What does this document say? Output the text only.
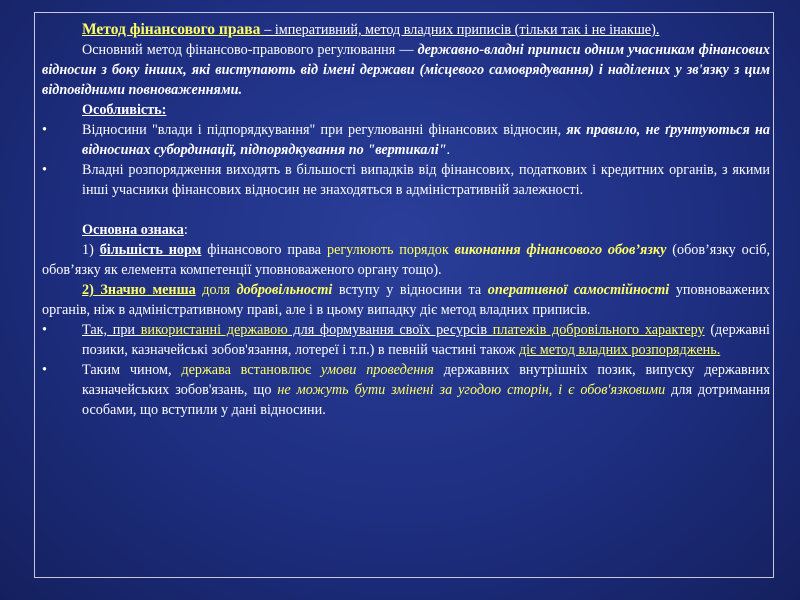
Метод фінансового права – імперативний, метод владних приписів (тільки так і не інакше).

Основний метод фінансово-правового регулювання — державно-владні приписи одним учасникам фінансових відносин з боку інших, які виступають від імені держави (місцевого самоврядування) і наділених у зв'язку з цим відповідними повноваженнями.

Особливість:

•	Відносини "влади і підпорядкування" при регулюванні фінансових відносин, як правило, не ґрунтуються на відносинах субординації, підпорядкування по "вертикалі".

•	Владні розпорядження виходять в більшості випадків від фінансових, податкових і кредитних органів, з якими інші учасники фінансових відносин не знаходяться в адміністративній залежності.

Основна ознака:

1) більшість норм фінансового права регулюють порядок виконання фінансового обов’язку (обов’язку осіб, обов’язку як елемента компетенції уповноваженого органу тощо).

2) Значно менша доля добровільності вступу у відносини та оперативної самостійності уповноважених органів, ніж в адміністративному праві, але і в цьому випадку діє метод владних приписів.

•	Так, при використанні державою для формування своїх ресурсів платежів добровільного характеру (державні позики, казначейські зобов'язання, лотереї і т.п.) в певній частині також діє метод владних розпоряджень.

•	Таким чином, держава встановлює умови проведення державних внутрішніх позик, випуску державних казначейських зобов'язань, що не можуть бути змінені за угодою сторін, і є обов'язковими для дотримання особами, що вступили у дані відносини.
